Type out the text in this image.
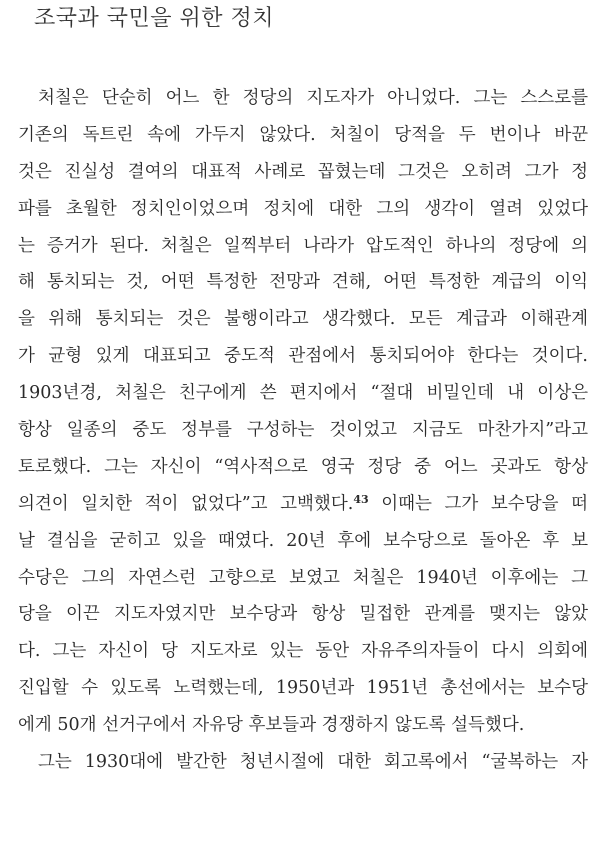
조국과 국민을 위한 정치
처칠은 단순히 어느 한 정당의 지도자가 아니었다. 그는 스스로를
기존의 독트린 속에 가두지 않았다. 처칠이 당적을 두 번이나 바꾼
것은 진실성 결여의 대표적 사례로 꼽혔는데 그것은 오히려 그가 정
파를 초월한 정치인이었으며 정치에 대한 그의 생각이 열려 있었다
는 증거가 된다. 처칠은 일찍부터 나라가 압도적인 하나의 정당에 의
해 통치되는 것, 어떤 특정한 전망과 견해, 어떤 특정한 계급의 이익
을 위해 통치되는 것은 불행이라고 생각했다. 모든 계급과 이해관계
가 균형 있게 대표되고 중도적 관점에서 통치되어야 한다는 것이다.
1903년경, 처칠은 친구에게 쓴 편지에서 “절대 비밀인데 내 이상은
항상 일종의 중도 정부를 구성하는 것이었고 지금도 마찬가지”라고
토로했다. 그는 자신이 “역사적으로 영국 정당 중 어느 곳과도 항상
의견이 일치한 적이 없었다”고 고백했다.$^{43}$ 이때는 그가 보수당을 떠
날 결심을 굳히고 있을 때였다. 20년 후에 보수당으로 돌아온 후 보
수당은 그의 자연스런 고향으로 보였고 처칠은 1940년 이후에는 그
당을 이끈 지도자였지만 보수당과 항상 밀접한 관계를 맺지는 않았
다. 그는 자신이 당 지도자로 있는 동안 자유주의자들이 다시 의회에
진입할 수 있도록 노력했는데, 1950년과 1951년 총선에서는 보수당
에게 50개 선거구에서 자유당 후보들과 경쟁하지 않도록 설득했다.
그는 1930대에 발간한 청년시절에 대한 회고록에서 “굴복하는 자
